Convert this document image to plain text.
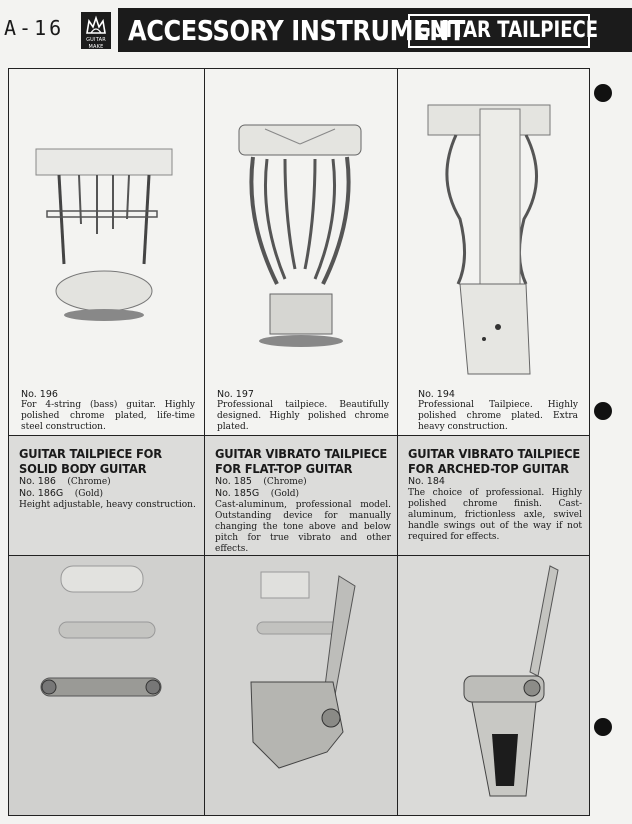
A-16	GUITAR MAKE ACCESSORY INSTRUMENT
GUITAR TAILPIECE
No. 196
For 4-string (bass) guitar. Highly polished chrome plated, life-time steel construction.
No. 197
Professional tailpiece. Beautifully designed. Highly polished chrome plated.
No. 194
Professional Tailpiece. Highly polished chrome plated. Extra heavy construction.
GUITAR TAILPIECE FOR
SOLID BODY GUITAR
No. 186 (Chrome)
No. 186G (Gold)
Height adjustable, heavy construction.
GUITAR VIBRATO TAILPIECE
FOR FLAT-TOP GUITAR
No. 185 (Chrome)
No. 185G (Gold)
Cast-aluminum, professional model. Outstanding device for manually changing the tone above and below pitch for true vibrato and other effects.
GUITAR VIBRATO TAILPIECE
FOR ARCHED-TOP GUITAR
No. 184
The choice of professional. Highly polished chrome finish. Cast-aluminum, frictionless axle, swivel handle swings out of the way if not required for effects.
